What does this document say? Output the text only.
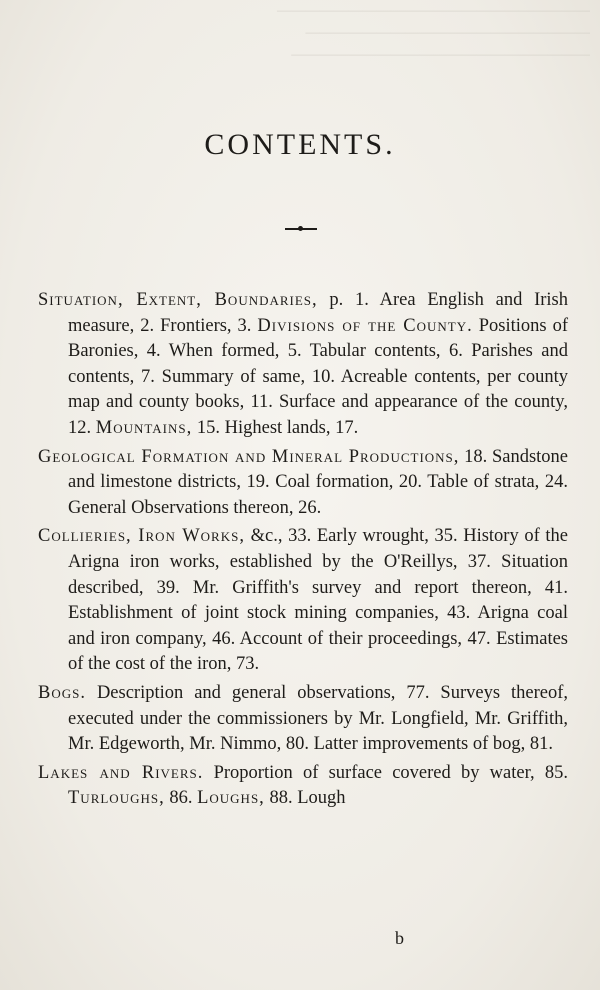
——————————————————————
————————————————————
—————————————————————
CONTENTS.

Situation, Extent, Boundaries, p. 1. Area English and Irish measure, 2. Frontiers, 3. Divisions of the County. Positions of Baronies, 4. When formed, 5. Tabular contents, 6. Parishes and contents, 7. Summary of same, 10. Acreable contents, per county map and county books, 11. Surface and appearance of the county, 12. Mountains, 15. Highest lands, 17.

Geological Formation and Mineral Productions, 18. Sandstone and limestone districts, 19. Coal formation, 20. Table of strata, 24. General Observations thereon, 26.

Collieries, Iron Works, &c., 33. Early wrought, 35. History of the Arigna iron works, established by the O'Reillys, 37. Situation described, 39. Mr. Griffith's survey and report thereon, 41. Establishment of joint stock mining companies, 43. Arigna coal and iron company, 46. Account of their proceedings, 47. Estimates of the cost of the iron, 73.

Bogs. Description and general observations, 77. Surveys thereof, executed under the commissioners by Mr. Longfield, Mr. Griffith, Mr. Edgeworth, Mr. Nimmo, 80. Latter improvements of bog, 81.

Lakes and Rivers. Proportion of surface covered by water, 85. Turloughs, 86. Loughs, 88. Lough

b
